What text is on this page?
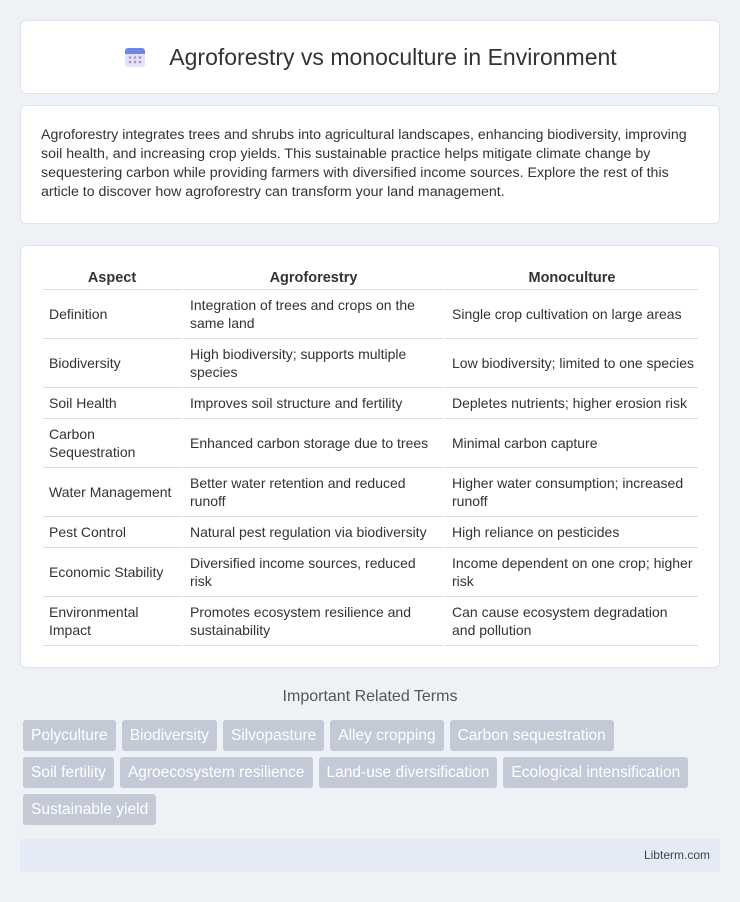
Agroforestry vs monoculture in Environment

Agroforestry integrates trees and shrubs into agricultural landscapes, enhancing biodiversity, improving soil health, and increasing crop yields. This sustainable practice helps mitigate climate change by sequestering carbon while providing farmers with diversified income sources. Explore the rest of this article to discover how agroforestry can transform your land management.

Aspect	Agroforestry	Monoculture
Definition	Integration of trees and crops on the same land	Single crop cultivation on large areas
Biodiversity	High biodiversity; supports multiple species	Low biodiversity; limited to one species
Soil Health	Improves soil structure and fertility	Depletes nutrients; higher erosion risk
Carbon Sequestration	Enhanced carbon storage due to trees	Minimal carbon capture
Water Management	Better water retention and reduced runoff	Higher water consumption; increased runoff
Pest Control	Natural pest regulation via biodiversity	High reliance on pesticides
Economic Stability	Diversified income sources, reduced risk	Income dependent on one crop; higher risk
Environmental Impact	Promotes ecosystem resilience and sustainability	Can cause ecosystem degradation and pollution
Important Related Terms
Polyculture	Biodiversity	Silvopasture	Alley cropping	Carbon sequestration
Soil fertility	Agroecosystem resilience	Land-use diversification	Ecological intensification
Sustainable yield
Libterm.com
